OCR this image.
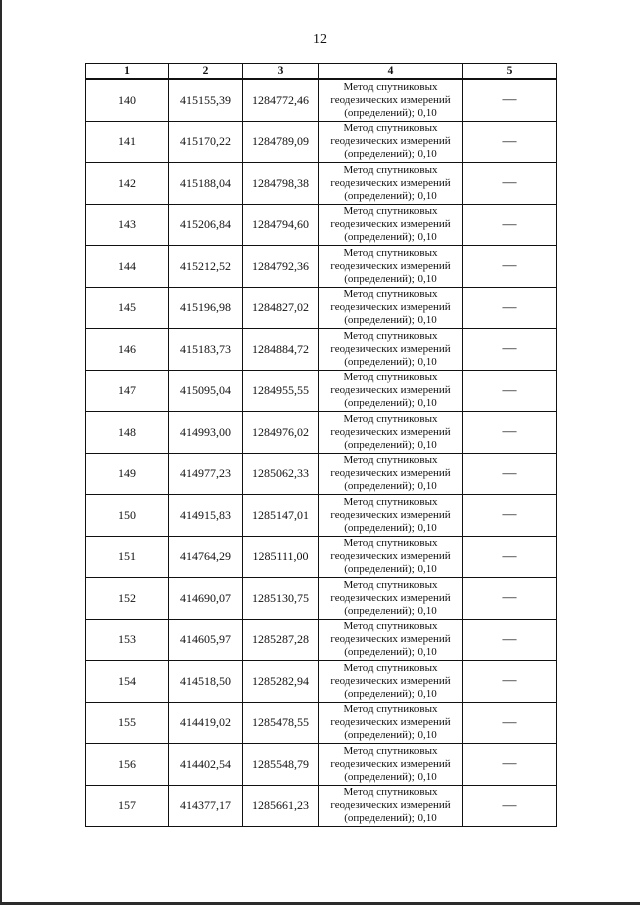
12
1	2	3	4	5
140	415155,39	1284772,46	Метод спутниковых
геодезических измерений
(определений); 0,10	—
141	415170,22	1284789,09	Метод спутниковых
геодезических измерений
(определений); 0,10	—
142	415188,04	1284798,38	Метод спутниковых
геодезических измерений
(определений); 0,10	—
143	415206,84	1284794,60	Метод спутниковых
геодезических измерений
(определений); 0,10	—
144	415212,52	1284792,36	Метод спутниковых
геодезических измерений
(определений); 0,10	—
145	415196,98	1284827,02	Метод спутниковых
геодезических измерений
(определений); 0,10	—
146	415183,73	1284884,72	Метод спутниковых
геодезических измерений
(определений); 0,10	—
147	415095,04	1284955,55	Метод спутниковых
геодезических измерений
(определений); 0,10	—
148	414993,00	1284976,02	Метод спутниковых
геодезических измерений
(определений); 0,10	—
149	414977,23	1285062,33	Метод спутниковых
геодезических измерений
(определений); 0,10	—
150	414915,83	1285147,01	Метод спутниковых
геодезических измерений
(определений); 0,10	—
151	414764,29	1285111,00	Метод спутниковых
геодезических измерений
(определений); 0,10	—
152	414690,07	1285130,75	Метод спутниковых
геодезических измерений
(определений); 0,10	—
153	414605,97	1285287,28	Метод спутниковых
геодезических измерений
(определений); 0,10	—
154	414518,50	1285282,94	Метод спутниковых
геодезических измерений
(определений); 0,10	—
155	414419,02	1285478,55	Метод спутниковых
геодезических измерений
(определений); 0,10	—
156	414402,54	1285548,79	Метод спутниковых
геодезических измерений
(определений); 0,10	—
157	414377,17	1285661,23	Метод спутниковых
геодезических измерений
(определений); 0,10	—
